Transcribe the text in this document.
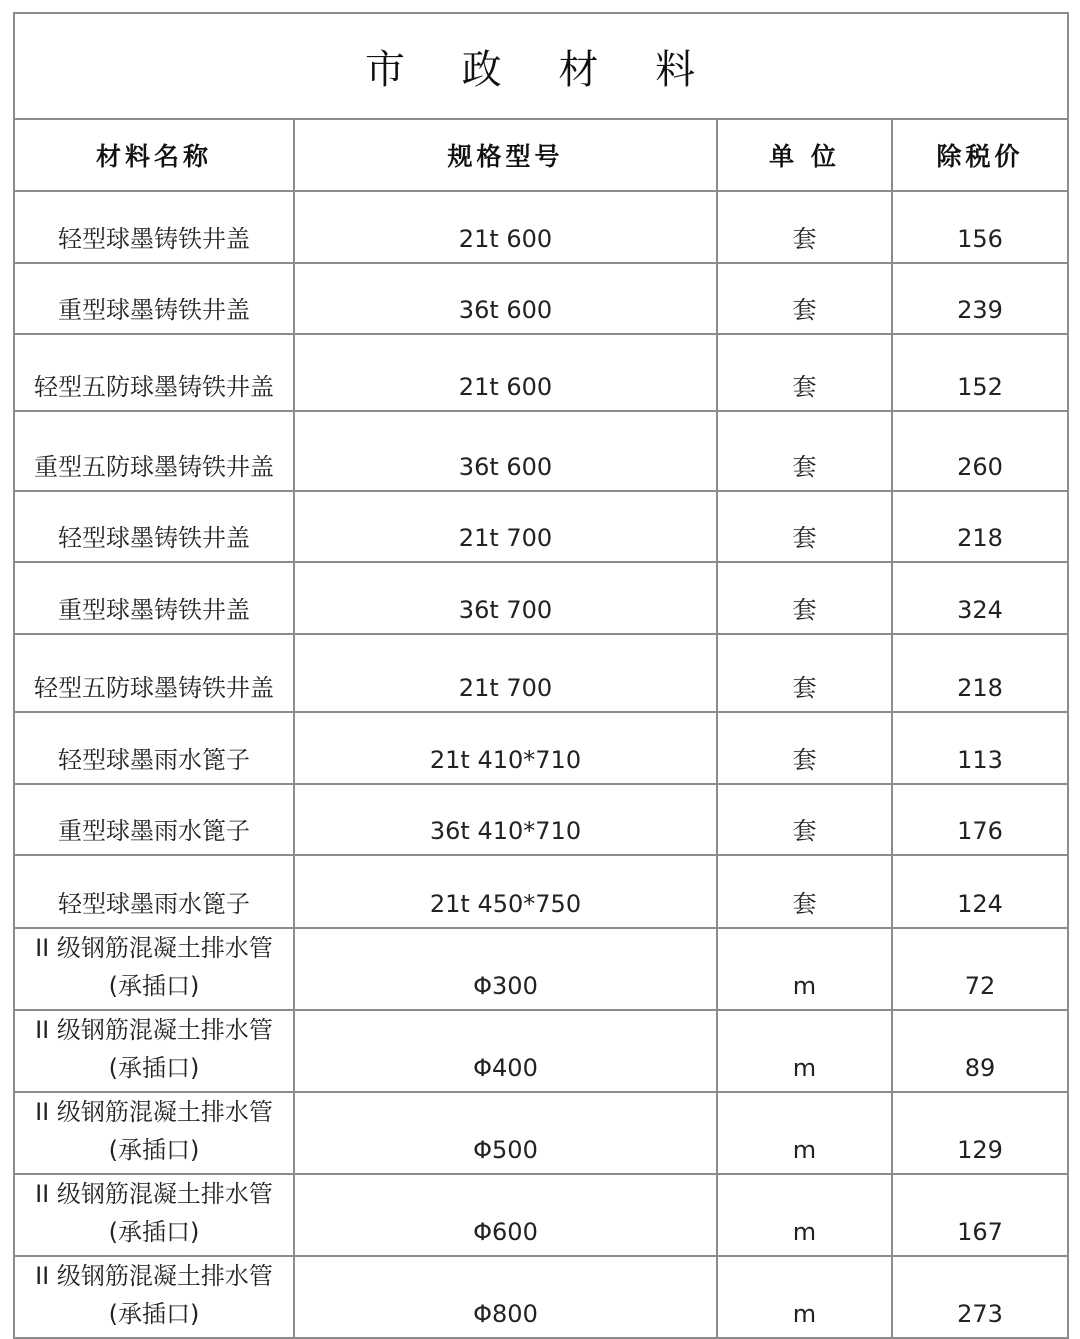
市 政 材 料			
材料名称	规格型号	单 位	除税价
轻型球墨铸铁井盖	21t 600	套	156
重型球墨铸铁井盖	36t 600	套	239
轻型五防球墨铸铁井盖	21t 600	套	152
重型五防球墨铸铁井盖	36t 600	套	260
轻型球墨铸铁井盖	21t 700	套	218
重型球墨铸铁井盖	36t 700	套	324
轻型五防球墨铸铁井盖	21t 700	套	218
轻型球墨雨水篦子	21t 410*710	套	113
重型球墨雨水篦子	36t 410*710	套	176
轻型球墨雨水篦子	21t 450*750	套	124
II 级钢筋混凝土排水管(承插口)	Φ300	m	72
II 级钢筋混凝土排水管(承插口)	Φ400	m	89
II 级钢筋混凝土排水管(承插口)	Φ500	m	129
II 级钢筋混凝土排水管(承插口)	Φ600	m	167
II 级钢筋混凝土排水管(承插口)	Φ800	m	273
